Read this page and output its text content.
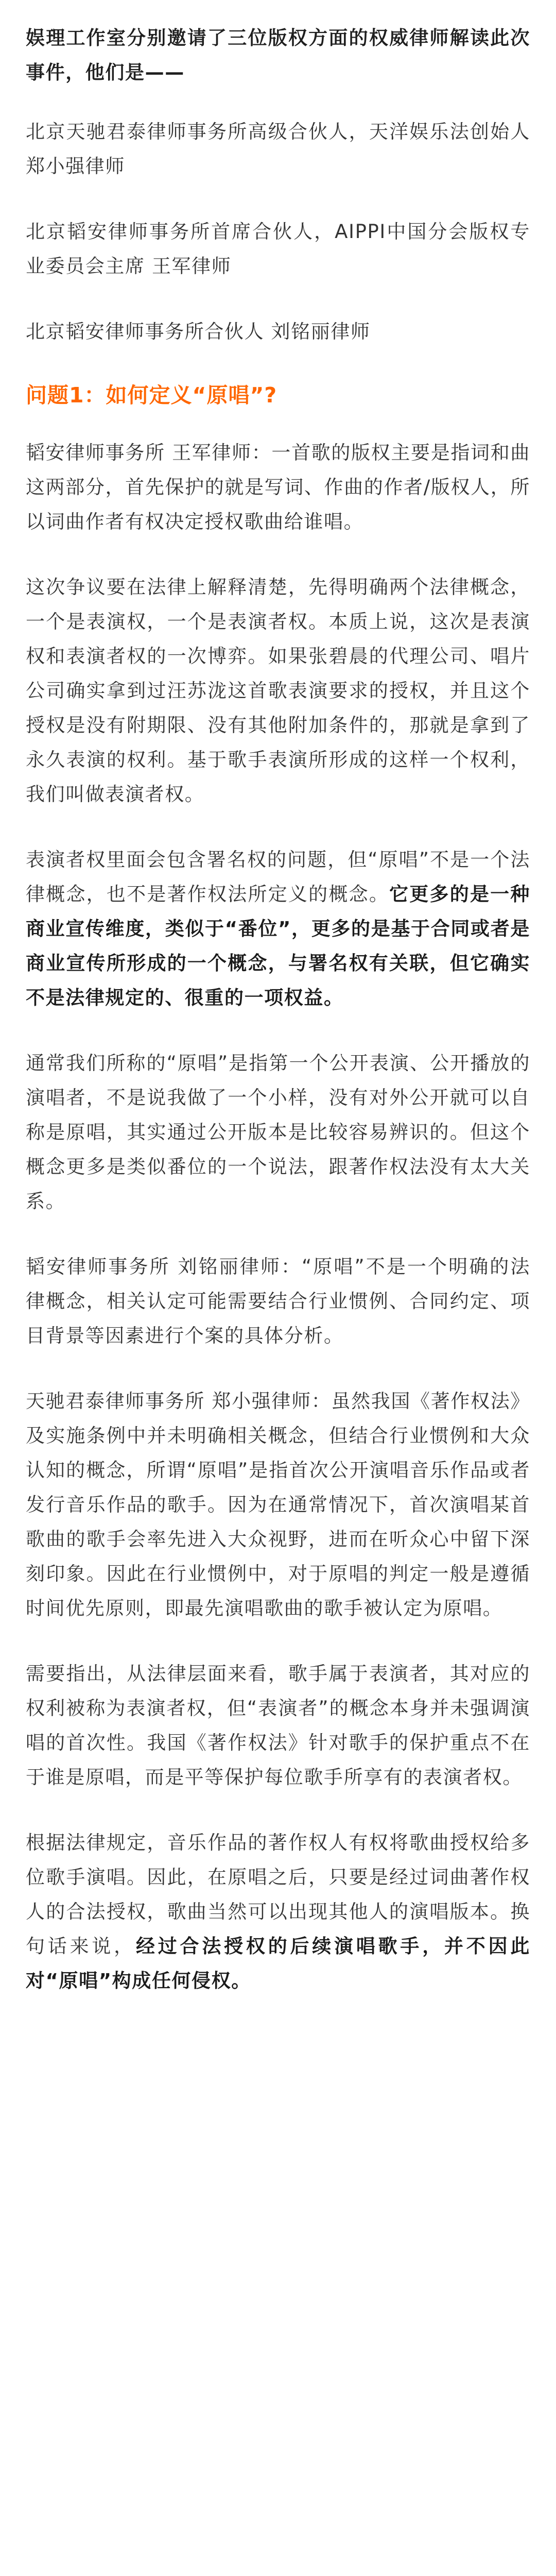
娱理工作室分别邀请了三位版权方面的权威律师解读此次事件，他们是——

北京天驰君泰律师事务所高级合伙人，天洋娱乐法创始人 郑小强律师

北京韬安律师事务所首席合伙人，AIPPI中国分会版权专业委员会主席 王军律师

北京韬安律师事务所合伙人 刘铭丽律师

问题1：如何定义“原唱”?

韬安律师事务所 王军律师：一首歌的版权主要是指词和曲这两部分，首先保护的就是写词、作曲的作者/版权人，所以词曲作者有权决定授权歌曲给谁唱。

这次争议要在法律上解释清楚，先得明确两个法律概念，一个是表演权，一个是表演者权。本质上说，这次是表演权和表演者权的一次博弈。如果张碧晨的代理公司、唱片公司确实拿到过汪苏泷这首歌表演要求的授权，并且这个授权是没有附期限、没有其他附加条件的，那就是拿到了永久表演的权利。基于歌手表演所形成的这样一个权利，我们叫做表演者权。

表演者权里面会包含署名权的问题，但“原唱”不是一个法律概念，也不是著作权法所定义的概念。它更多的是一种商业宣传维度，类似于“番位”，更多的是基于合同或者是商业宣传所形成的一个概念，与署名权有关联，但它确实不是法律规定的、很重的一项权益。

通常我们所称的“原唱”是指第一个公开表演、公开播放的演唱者，不是说我做了一个小样，没有对外公开就可以自称是原唱，其实通过公开版本是比较容易辨识的。但这个概念更多是类似番位的一个说法，跟著作权法没有太大关系。

韬安律师事务所 刘铭丽律师：“原唱”不是一个明确的法律概念，相关认定可能需要结合行业惯例、合同约定、项目背景等因素进行个案的具体分析。

天驰君泰律师事务所 郑小强律师：虽然我国《著作权法》及实施条例中并未明确相关概念，但结合行业惯例和大众认知的概念，所谓“原唱”是指首次公开演唱音乐作品或者发行音乐作品的歌手。因为在通常情况下，首次演唱某首歌曲的歌手会率先进入大众视野，进而在听众心中留下深刻印象。因此在行业惯例中，对于原唱的判定一般是遵循时间优先原则，即最先演唱歌曲的歌手被认定为原唱。

需要指出，从法律层面来看，歌手属于表演者，其对应的权利被称为表演者权，但“表演者”的概念本身并未强调演唱的首次性。我国《著作权法》针对歌手的保护重点不在于谁是原唱，而是平等保护每位歌手所享有的表演者权。

根据法律规定，音乐作品的著作权人有权将歌曲授权给多位歌手演唱。因此，在原唱之后，只要是经过词曲著作权人的合法授权，歌曲当然可以出现其他人的演唱版本。换句话来说，经过合法授权的后续演唱歌手，并不因此对“原唱”构成任何侵权。
